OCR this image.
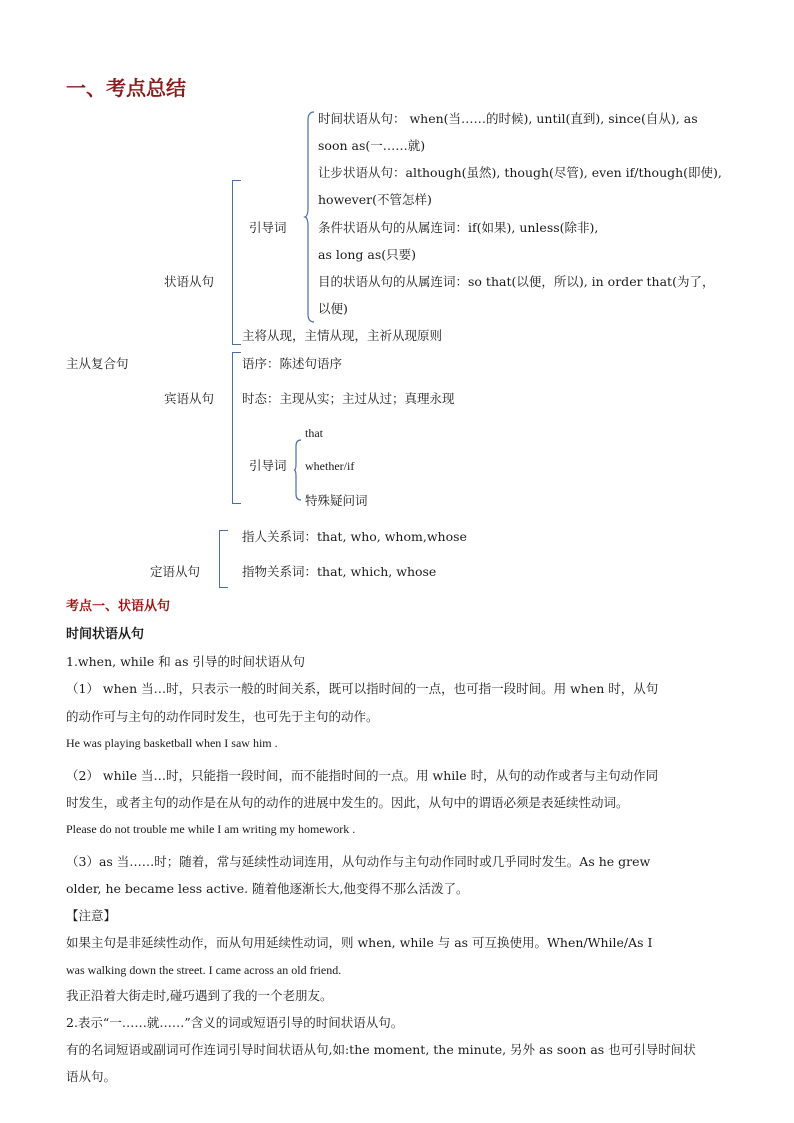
一、考点总结
时间状语从句： when(当……的时候), until(直到), since(自从), as
soon as(一……就)
让步状语从句：although(虽然), though(尽管), even if/though(即使),
however(不管怎样)
条件状语从句的从属连词：if(如果), unless(除非),
as long as(只要)
目的状语从句的从属连词：so that(以便，所以), in order that(为了，
以便)
引导词
状语从句
主将从现，主情从现，主祈从现原则
主从复合句	语序：陈述句语序
宾语从句 时态：主现从实；主过从过；真理永现
that
引导词 whether/if
特殊疑问词
指人关系词：that, who, whom,whose
定语从句	指物关系词：that, which, whose
考点一、状语从句
时间状语从句
1.when, while 和 as 引导的时间状语从句
（1） when 当…时，只表示一般的时间关系，既可以指时间的一点，也可指一段时间。用 when 时，从句
的动作可与主句的动作同时发生，也可先于主句的动作。
He was playing basketball when I saw him .
（2） while 当…时，只能指一段时间，而不能指时间的一点。用 while 时，从句的动作或者与主句动作同
时发生，或者主句的动作是在从句的动作的进展中发生的。因此，从句中的谓语必须是表延续性动词。
Please do not trouble me while I am writing my homework .
（3）as 当……时；随着，常与延续性动词连用，从句动作与主句动作同时或几乎同时发生。As he grew
older, he became less active. 随着他逐渐长大,他变得不那么活泼了。
【注意】
如果主句是非延续性动作，而从句用延续性动词，则 when, while 与 as 可互换使用。When/While/As I
was walking down the street. I came across an old friend.
我正沿着大街走时,碰巧遇到了我的一个老朋友。
2.表示“一……就……”含义的词或短语引导的时间状语从句。
有的名词短语或副词可作连词引导时间状语从句,如:the moment, the minute, 另外 as soon as 也可引导时间状
语从句。
